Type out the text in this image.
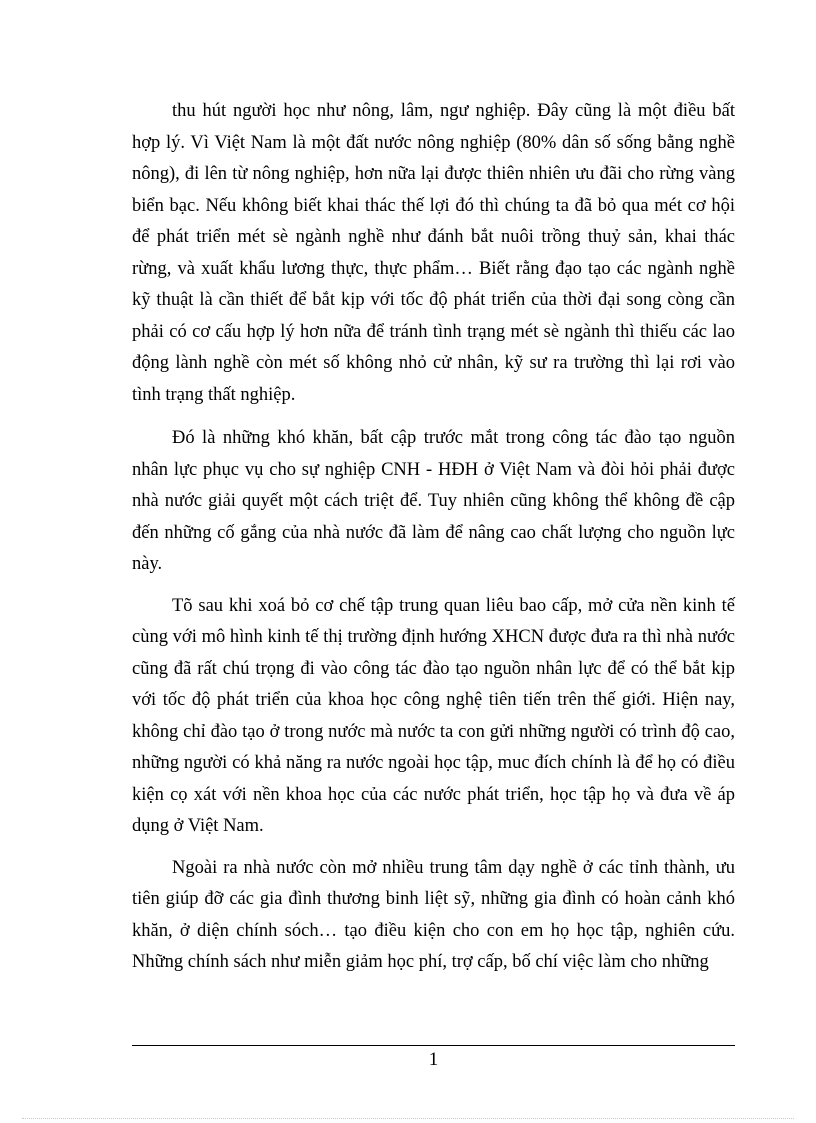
thu hút người học như nông, lâm, ngư nghiệp. Đây cũng là một điều bất hợp lý. Vì Việt Nam là một đất nước nông nghiệp (80% dân số sống bằng nghề nông), đi lên từ nông nghiệp, hơn nữa lại được thiên nhiên ưu đãi cho rừng vàng biển bạc. Nếu không biết khai thác thế lợi đó thì chúng ta đã bỏ qua mét cơ hội để phát triển mét sè ngành nghề như đánh bắt nuôi trồng thuỷ sản, khai thác rừng, và xuất khẩu lương thực, thực phẩm… Biết rằng đạo tạo các ngành nghề kỹ thuật là cần thiết để bắt kịp với tốc độ phát triển của thời đại song còng cần phải có cơ cấu hợp lý hơn nữa để tránh tình trạng mét sè ngành thì thiếu các lao động lành nghề còn mét số không nhỏ cử nhân, kỹ sư ra trường thì lại rơi vào tình trạng thất nghiệp.

Đó là những khó khăn, bất cập trước mắt trong công tác đào tạo nguồn nhân lực phục vụ cho sự nghiệp CNH - HĐH ở Việt Nam và đòi hỏi phải được nhà nước giải quyết một cách triệt để. Tuy nhiên cũng không thể không đề cập đến những cố gắng của nhà nước đã làm để nâng cao chất lượng cho nguồn lực này.

Tõ sau khi xoá bỏ cơ chế tập trung quan liêu bao cấp, mở cửa nền kinh tế cùng với mô hình kinh tế thị trường định hướng XHCN được đưa ra thì nhà nước cũng đã rất chú trọng đi vào công tác đào tạo nguồn nhân lực để có thể bắt kịp với tốc độ phát triển của khoa học công nghệ tiên tiến trên thế giới. Hiện nay, không chỉ đào tạo ở trong nước mà nước ta con gửi những người có trình độ cao, những người có khả năng ra nước ngoài học tập, muc đích chính là để họ có điều kiện cọ xát với nền khoa học của các nước phát triển, học tập họ và đưa về áp dụng ở Việt Nam.

Ngoài ra nhà nước còn mở nhiều trung tâm dạy nghề ở các tỉnh thành, ưu tiên giúp đỡ các gia đình thương binh liệt sỹ, những gia đình có hoàn cảnh khó khăn, ở diện chính sóch… tạo điều kiện cho con em họ học tập, nghiên cứu. Những chính sách như miễn giảm học phí, trợ cấp, bố chí việc làm cho những

1
